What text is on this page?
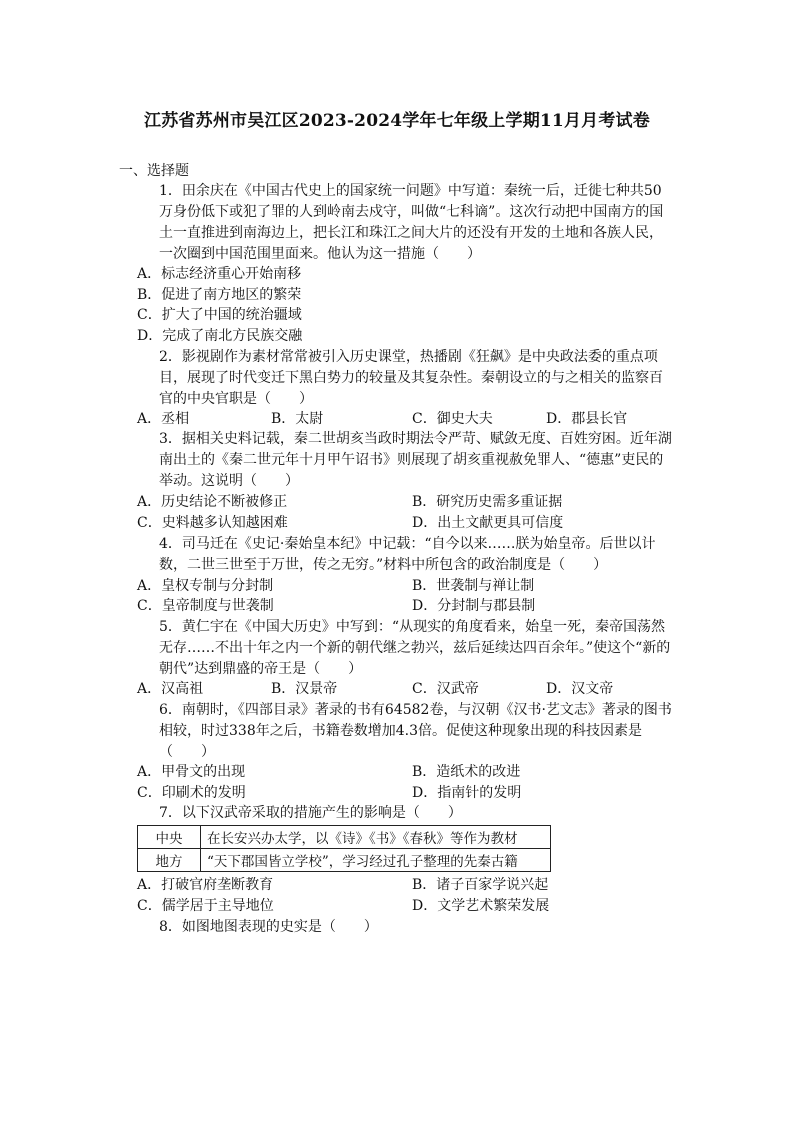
江苏省苏州市吴江区2023-2024学年七年级上学期11月月考试卷
一、选择题
1．田余庆在《中国古代史上的国家统一问题》中写道：秦统一后，迁徙七种共50万身份低下或犯了罪的人到岭南去戍守，叫做“七科谪”。这次行动把中国南方的国土一直推进到南海边上，把长江和珠江之间大片的还没有开发的土地和各族人民，一次圈到中国范围里面来。他认为这一措施（　　）
A．标志经济重心开始南移
B．促进了南方地区的繁荣
C．扩大了中国的统治疆域
D．完成了南北方民族交融
2．影视剧作为素材常常被引入历史课堂，热播剧《狂飙》是中央政法委的重点项目，展现了时代变迁下黑白势力的较量及其复杂性。秦朝设立的与之相关的监察百官的中央官职是（　　）
A．丞相	B．太尉	C．御史大夫	D．郡县长官
3．据相关史料记载，秦二世胡亥当政时期法令严苛、赋敛无度、百姓穷困。近年湖南出土的《秦二世元年十月甲午诏书》则展现了胡亥重视赦免罪人、“德惠”吏民的举动。这说明（　　）
A．历史结论不断被修正	B．研究历史需多重证据
C．史料越多认知越困难	D．出土文献更具可信度
4．司马迁在《史记·秦始皇本纪》中记载：“自今以来……朕为始皇帝。后世以计数，二世三世至于万世，传之无穷。”材料中所包含的政治制度是（　　）
A．皇权专制与分封制	B．世袭制与禅让制
C．皇帝制度与世袭制	D．分封制与郡县制
5．黄仁宇在《中国大历史》中写到：“从现实的角度看来，始皇一死，秦帝国荡然无存……不出十年之内一个新的朝代继之勃兴，兹后延续达四百余年。”使这个“新的朝代”达到鼎盛的帝王是（　　）
A．汉高祖	B．汉景帝	C．汉武帝	D．汉文帝
6．南朝时，《四部目录》著录的书有64582卷，与汉朝《汉书·艺文志》著录的图书相较，时过338年之后，书籍卷数增加4.3倍。促使这种现象出现的科技因素是（　　）
A．甲骨文的出现	B．造纸术的改进
C．印刷术的发明	D．指南针的发明
7．以下汉武帝采取的措施产生的影响是（　　）
中央	在长安兴办太学，以《诗》《书》《春秋》等作为教材
地方	“天下郡国皆立学校”，学习经过孔子整理的先秦古籍
A．打破官府垄断教育	B．诸子百家学说兴起
C．儒学居于主导地位	D．文学艺术繁荣发展
8．如图地图表现的史实是（　　）
